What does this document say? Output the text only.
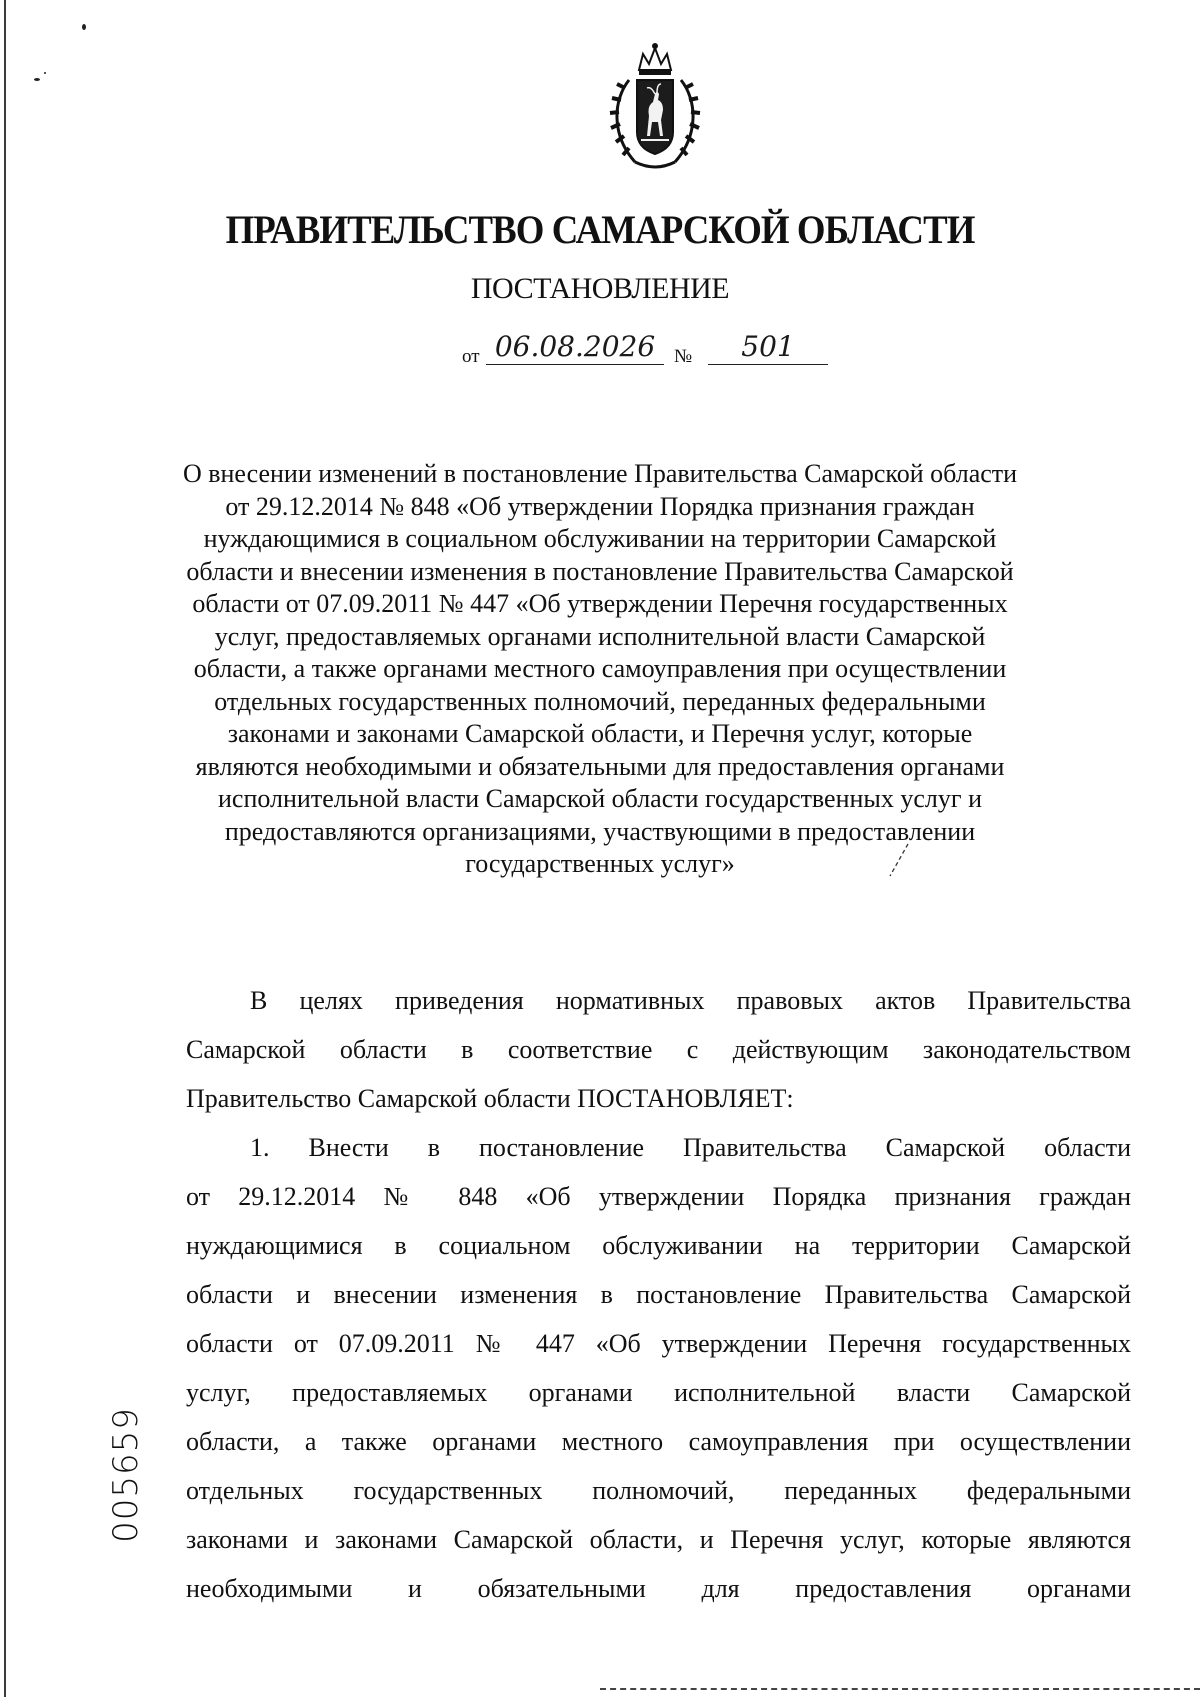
ПРАВИТЕЛЬСТВО САМАРСКОЙ ОБЛАСТИ
ПОСТАНОВЛЕНИЕ
от 06.08.2026 №	501
О внесении изменений в постановление Правительства Самарской области
от 29.12.2014 № 848 «Об утверждении Порядка признания граждан
нуждающимися в социальном обслуживании на территории Самарской
области и внесении изменения в постановление Правительства Самарской
области от 07.09.2011 № 447 «Об утверждении Перечня государственных
услуг, предоставляемых органами исполнительной власти Самарской
области, а также органами местного самоуправления при осуществлении
отдельных государственных полномочий, переданных федеральными
законами и законами Самарской области, и Перечня услуг, которые
являются необходимыми и обязательными для предоставления органами
исполнительной власти Самарской области государственных услуг и
предоставляются организациями, участвующими в предоставлении
государственных услуг»
В целях приведения нормативных правовых актов Правительства
Самарской области в соответствие с действующим законодательством
Правительство Самарской области ПОСТАНОВЛЯЕТ:
1. Внести в постановление Правительства Самарской области
от 29.12.2014 № 848 «Об утверждении Порядка признания граждан
нуждающимися в социальном обслуживании на территории Самарской
области и внесении изменения в постановление Правительства Самарской
области от 07.09.2011 № 447 «Об утверждении Перечня государственных
услуг, предоставляемых органами исполнительной власти Самарской
области, а также органами местного самоуправления при осуществлении
отдельных государственных полномочий, переданных федеральными
законами и законами Самарской области, и Перечня услуг, которые являются
необходимыми и обязательными для предоставления органами
005659
